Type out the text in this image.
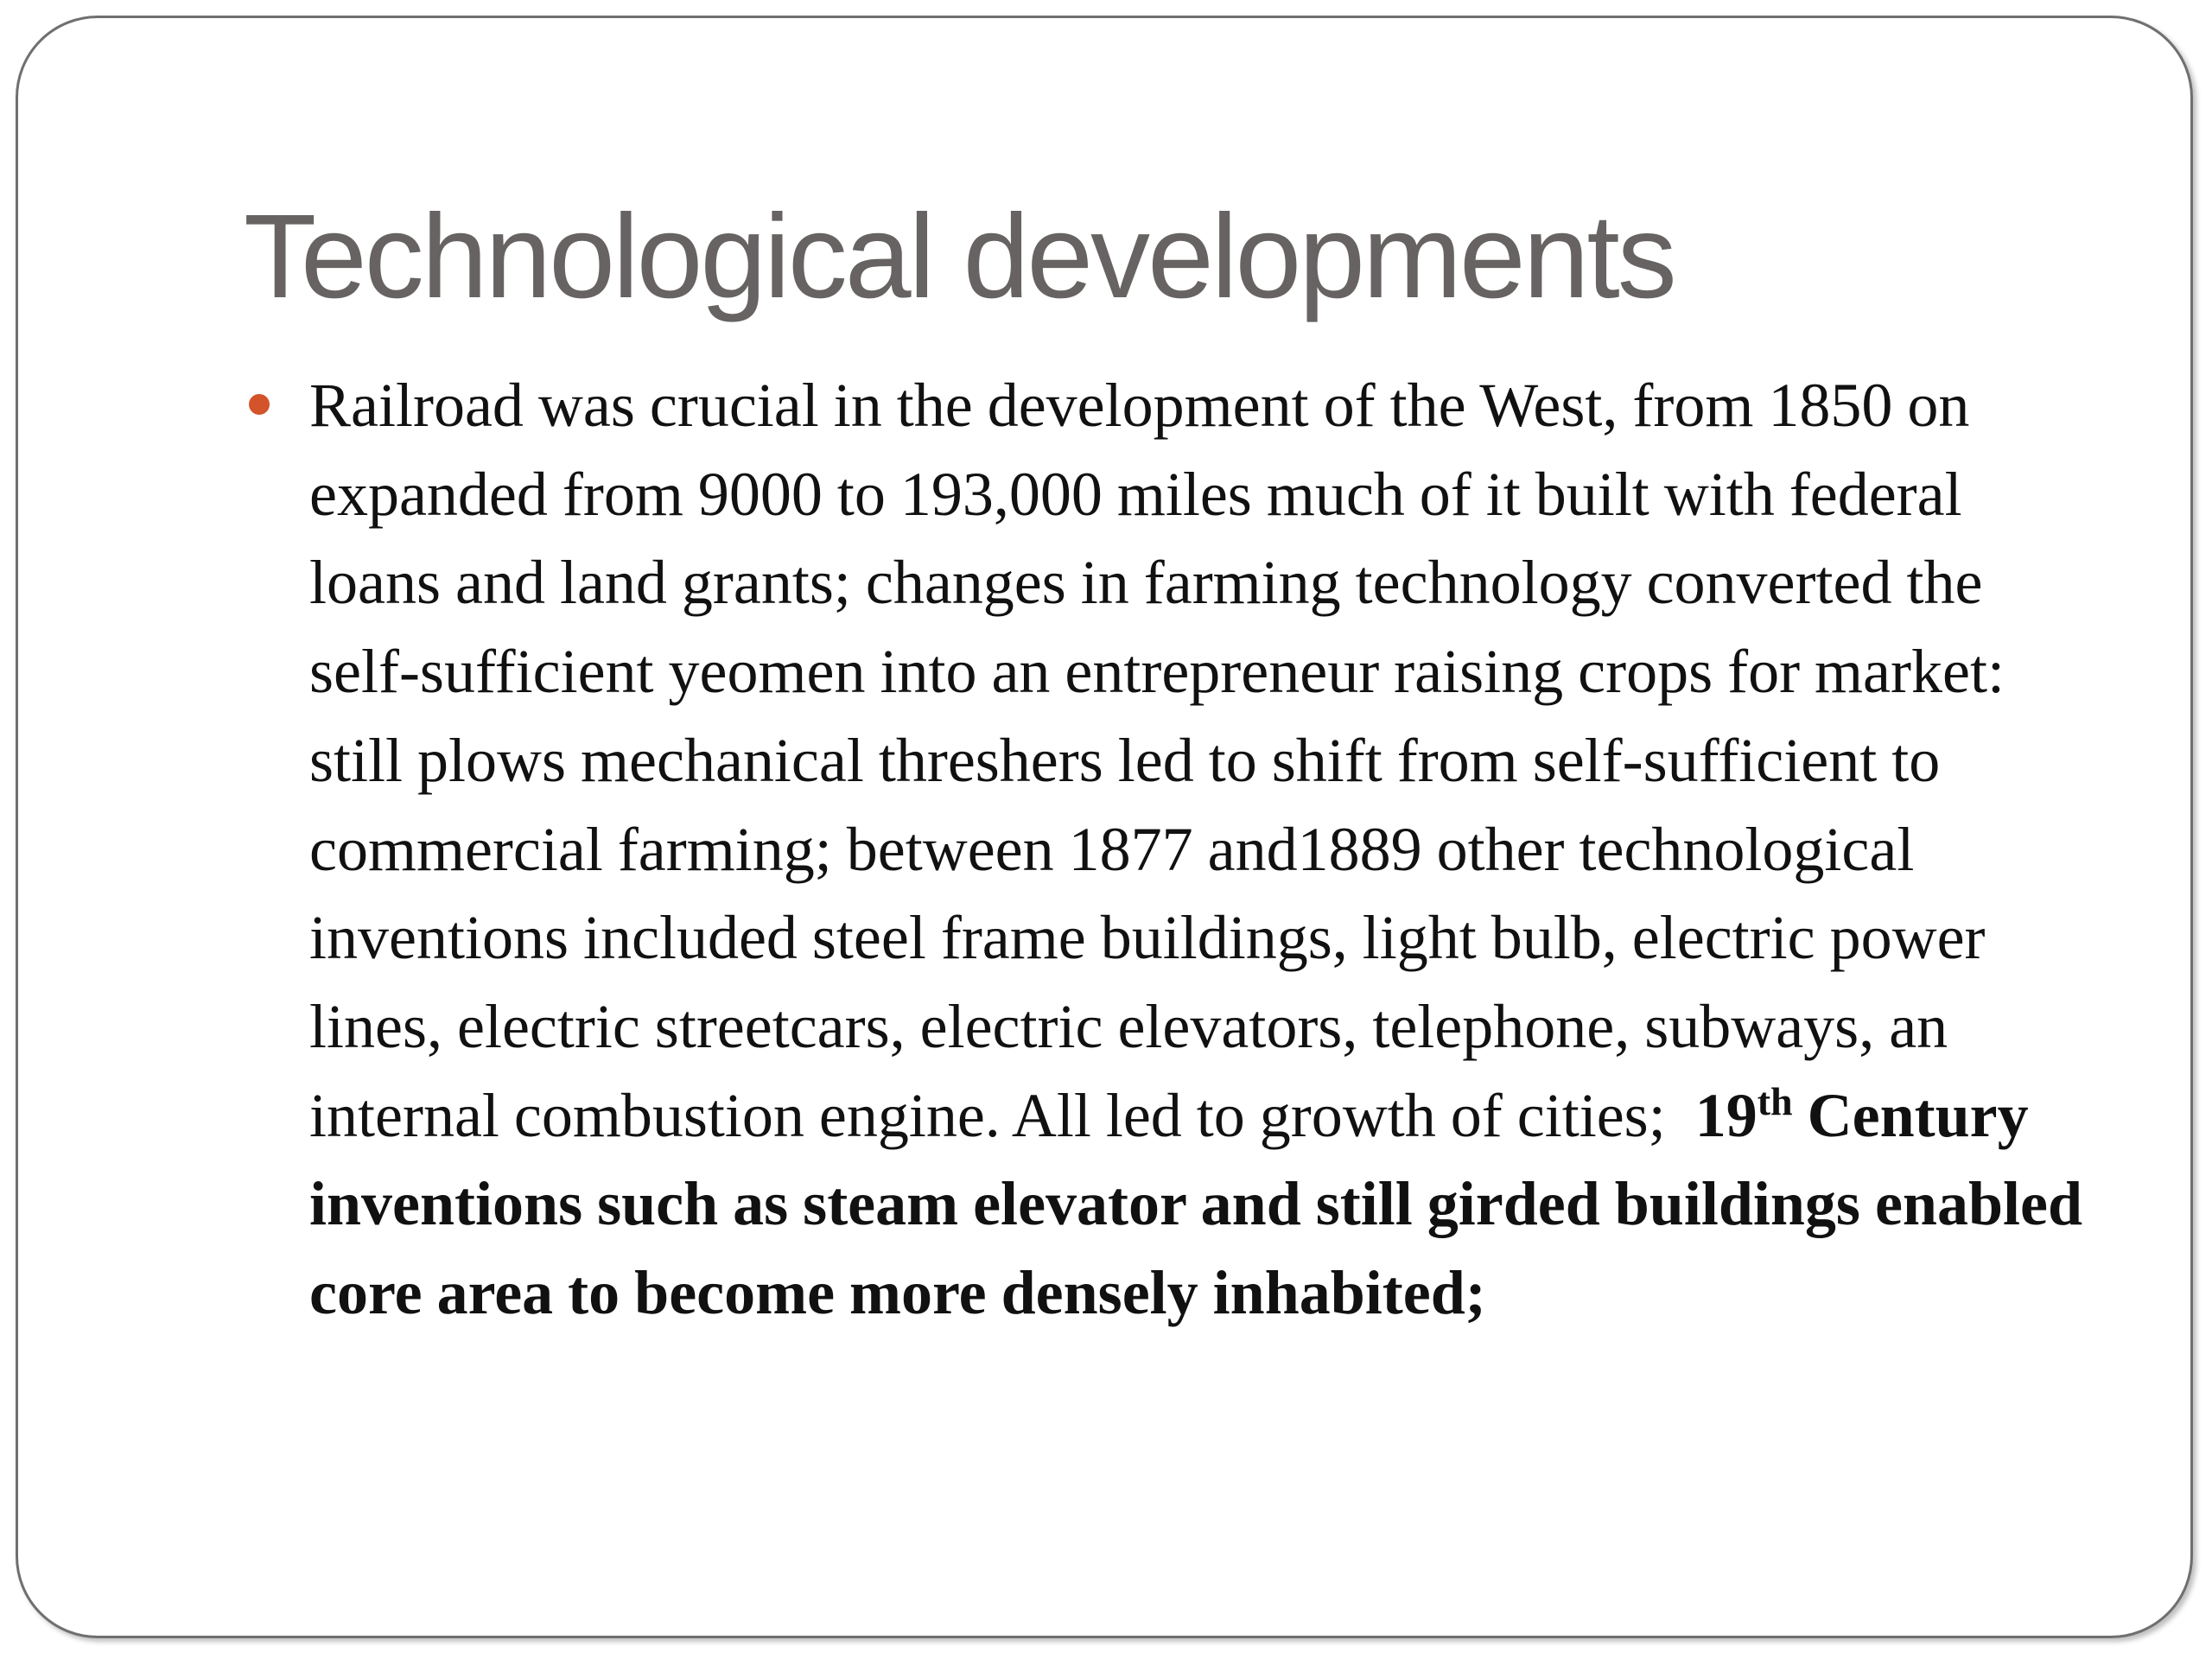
Technological developments

Railroad was crucial in the development of the West, from 1850 on expanded from 9000 to 193,000 miles much of it built with federal loans and land grants; changes in farming technology converted the self-sufficient yeomen into an entrepreneur raising crops for market: still plows mechanical threshers led to shift from self-sufficient to commercial farming; between 1877 and1889 other technological inventions included steel frame buildings, light bulb, electric power lines, electric streetcars, electric elevators, telephone, subways, an internal combustion engine. All led to growth of cities; 19th Century inventions such as steam elevator and still girded buildings enabled core area to become more densely inhabited;
